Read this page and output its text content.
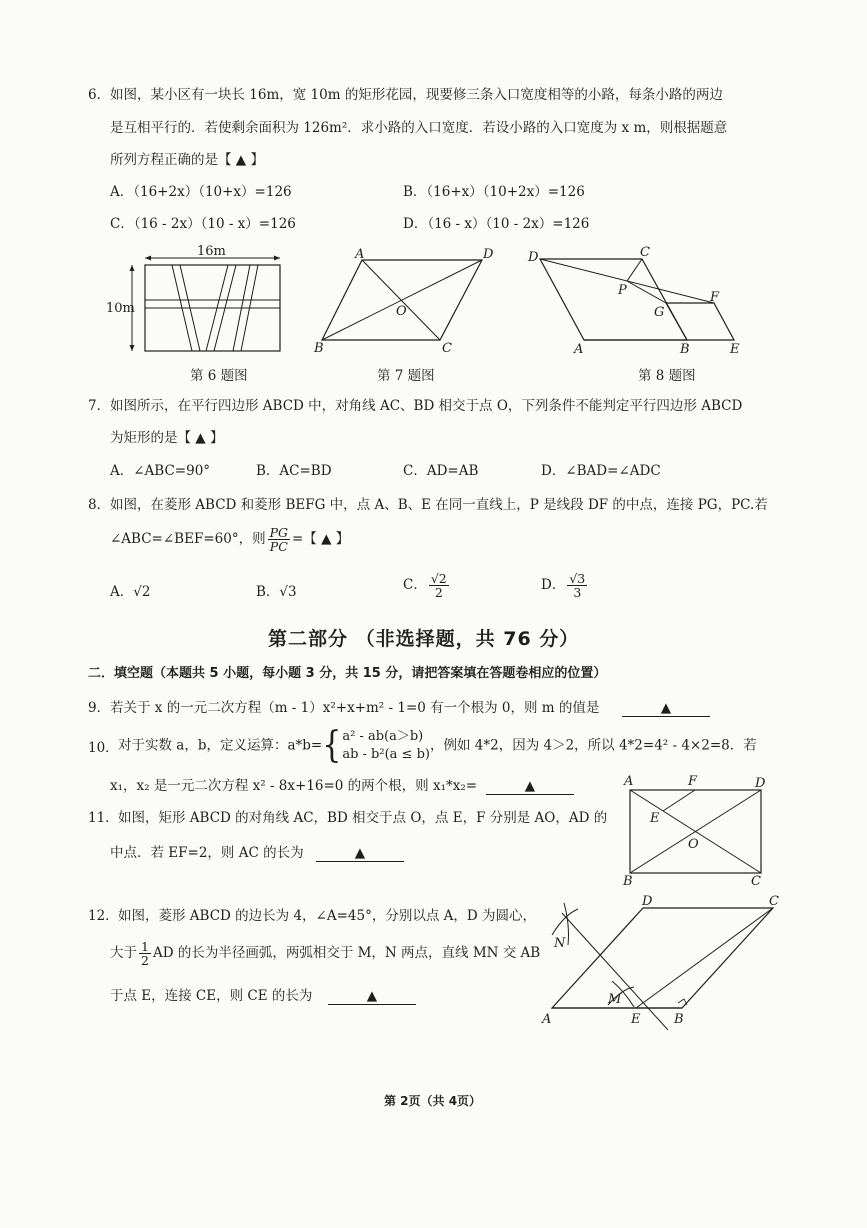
6． 如图，某小区有一块长 16m，宽 10m 的矩形花园，现要修三条入口宽度相等的小路，每条小路的两边
是互相平行的．若使剩余面积为 126m²．求小路的入口宽度．若设小路的入口宽度为 x m，则根据题意
所列方程正确的是【 ▲ 】
A．（16+2x）（10+x）=126	B．（16+x）（10+2x）=126
C．（16 - 2x）（10 - x）=126	D．（16 - x）（10 - 2x）=126
16m
10m
第 6 题图
A	D
B	C
O
第 7 题图
D	C
P	F
G
A	B	E
第 8 题图
7． 如图所示，在平行四边形 ABCD 中，对角线 AC、BD 相交于点 O，下列条件不能判定平行四边形 ABCD
为矩形的是【 ▲ 】
A．∠ABC=90°	B．AC=BD	C．AD=AB	D．∠BAD=∠ADC
8． 如图，在菱形 ABCD 和菱形 BEFG 中，点 A、B、E 在同一直线上，P 是线段 DF 的中点，连接 PG，PC.若
∠ABC=∠BEF=60°，则 $\frac{PG}{PC}$ =【 ▲ 】
A．√2	B．√3	C． $\frac{√2}{2}$	D． $\frac{√3}{3}$
第二部分 （非选择题，共 76 分）
二．填空题（本题共 5 小题，每小题 3 分，共 15 分，请把答案填在答题卷相应的位置）
9． 若关于 x 的一元二次方程（m - 1）x²+x+m² - 1=0 有一个根为 0，则 m 的值是	▲
10． 对于实数 a，b，定义运算：a*b={ a² - ab(a＞b)
ab - b²(a ≤ b)
，例如 4*2，因为 4＞2，所以 4*2=4² - 4×2=8．若
x₁，x₂ 是一元二次方程 x² - 8x+16=0 的两个根，则 x₁*x₂=	▲
11． 如图，矩形 ABCD 的对角线 AC，BD 相交于点 O，点 E，F 分别是 AO，AD 的
中点．若 EF=2，则 AC 的长为	▲
A	F	D
E
O
B	C
12． 如图，菱形 ABCD 的边长为 4，∠A=45°，分别以点 A，D 为圆心，
大于 $\frac{1}{2}$ AD 的长为半径画弧，两弧相交于 M，N 两点，直线 MN 交 AB
于点 E，连接 CE，则 CE 的长为	▲
D	C
N
M
A	E	B
第 2页（共 4页）
